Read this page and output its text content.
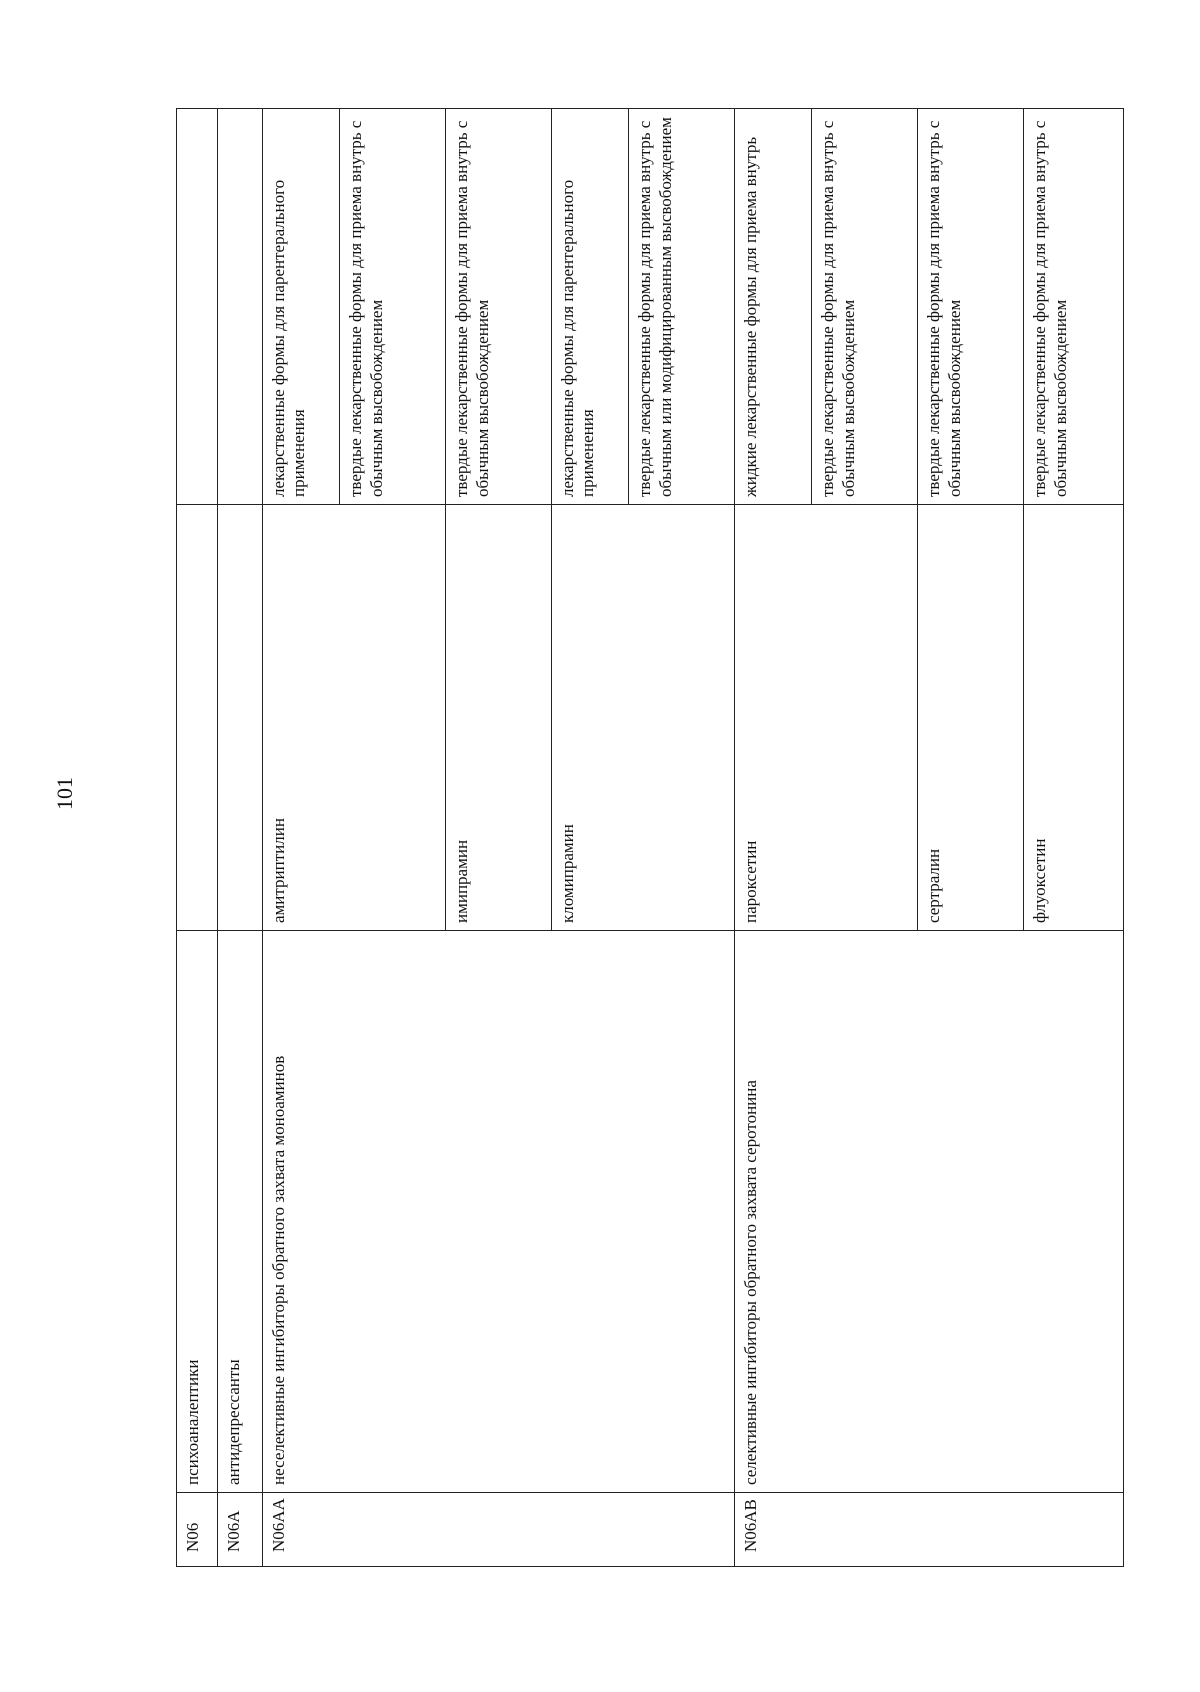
101
N06	психоаналептики		
N06A	антидепрессанты		
N06AA	неселективные ингибиторы обратного захвата моноаминов	амитриптилин	лекарственные формы для парентерального применения
			твердые лекарственные формы для приема внутрь с обычным высвобождением
		имипрамин	твердые лекарственные формы для приема внутрь с обычным высвобождением
		кломипрамин	лекарственные формы для парентерального применения
			твердые лекарственные формы для приема внутрь с обычным или модифицированным высвобождением
N06AB	селективные ингибиторы обратного захвата серотонина	пароксетин	жидкие лекарственные формы для приема внутрь
			твердые лекарственные формы для приема внутрь с обычным высвобождением
		сертралин	твердые лекарственные формы для приема внутрь с обычным высвобождением
		флуоксетин	твердые лекарственные формы для приема внутрь с обычным высвобождением
